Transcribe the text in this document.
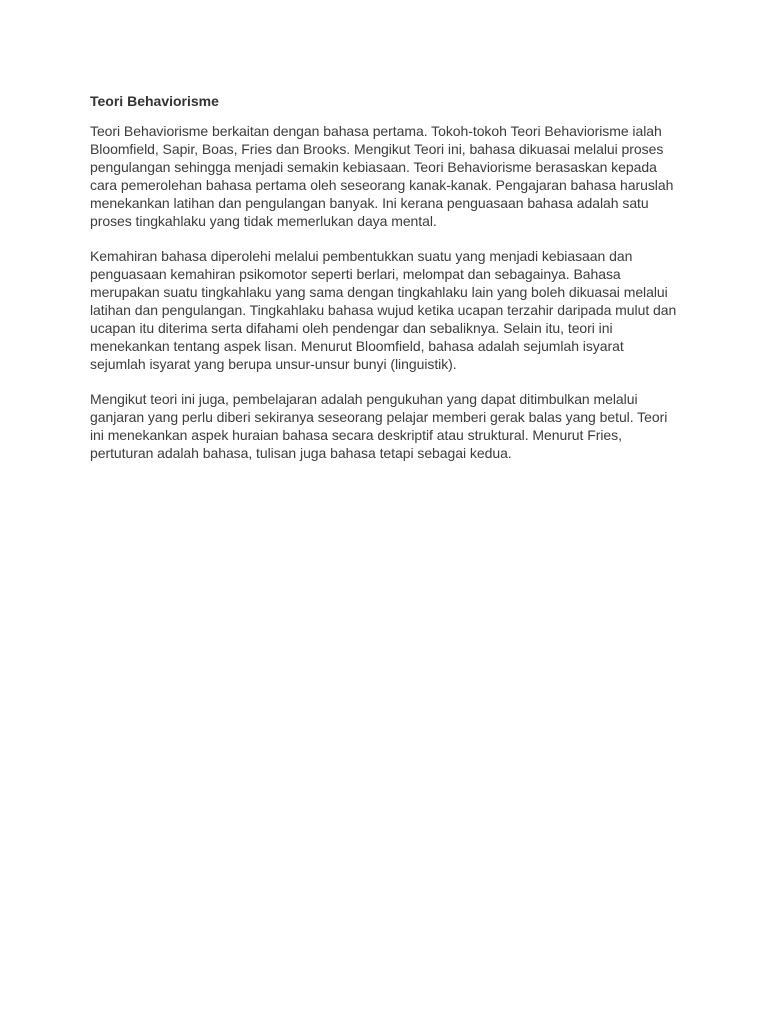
Teori Behaviorisme
Teori Behaviorisme berkaitan dengan bahasa pertama. Tokoh-tokoh Teori Behaviorisme ialah
Bloomfield, Sapir, Boas, Fries dan Brooks. Mengikut Teori ini, bahasa dikuasai melalui proses
pengulangan sehingga menjadi semakin kebiasaan. Teori Behaviorisme berasaskan kepada
cara pemerolehan bahasa pertama oleh seseorang kanak-kanak. Pengajaran bahasa haruslah
menekankan latihan dan pengulangan banyak. Ini kerana penguasaan bahasa adalah satu
proses tingkahlaku yang tidak memerlukan daya mental.
Kemahiran bahasa diperolehi melalui pembentukkan suatu yang menjadi kebiasaan dan
penguasaan kemahiran psikomotor seperti berlari, melompat dan sebagainya. Bahasa
merupakan suatu tingkahlaku yang sama dengan tingkahlaku lain yang boleh dikuasai melalui
latihan dan pengulangan. Tingkahlaku bahasa wujud ketika ucapan terzahir daripada mulut dan
ucapan itu diterima serta difahami oleh pendengar dan sebaliknya. Selain itu, teori ini
menekankan tentang aspek lisan. Menurut Bloomfield, bahasa adalah sejumlah isyarat
sejumlah isyarat yang berupa unsur-unsur bunyi (linguistik).
Mengikut teori ini juga, pembelajaran adalah pengukuhan yang dapat ditimbulkan melalui
ganjaran yang perlu diberi sekiranya seseorang pelajar memberi gerak balas yang betul. Teori
ini menekankan aspek huraian bahasa secara deskriptif atau struktural. Menurut Fries,
pertuturan adalah bahasa, tulisan juga bahasa tetapi sebagai kedua.
